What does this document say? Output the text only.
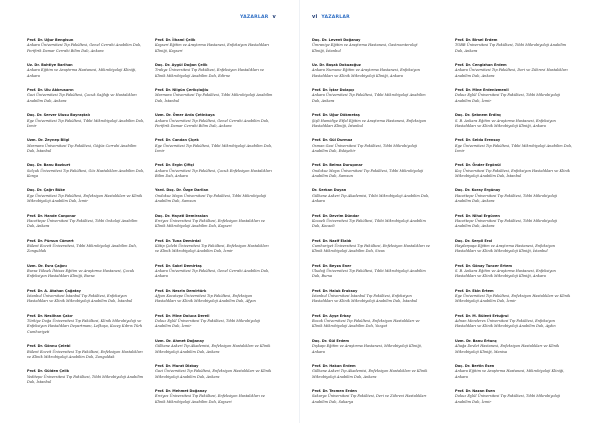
YAZARLAR v
Prof. Dr. Uğur Bengisun
Ankara Üniversitesi Tıp Fakültesi, Genel Cerrahi Anabilim Dalı, Perifirik Damar Cerrahi Bilim Dalı, Ankara
Uz. Dr. Bahtiye Barlhan
Ankara Eğitim ve Araştırma Hastanesi, Mikrobiyoloji Kliniği, Ankara
Prof. Dr. Ulu Akbrusarın
Gazi Üniversitesi Tıp Fakültesi, Çocuk Sağlığı ve Hastalıkları Anabilim Dalı, Ankara
Doç. Dr. Server Ulusu Bayraştalı
Ege Üniversitesi Tıp Fakültesi, Tıbbi Mikrobiyoloji Anabilim Dalı, İzmir
Uzm. Dr. Zeynep Bilgi
Marmara Üniversitesi Tıp Fakültesi, Göğüs Cerrahi Anabilim Dalı, İstanbul
Doç. Dr. Banu Bozkurt
Selçuk Üniversitesi Tıp Fakültesi, Göz Hastalıkları Anabilim Dalı, Konya
Doç. Dr. Çağrı Büke
Ege Üniversitesi Tıp Fakültesi, Enfeksiyon Hastalıkları ve Klinik Mikrobiyoloji Anabilim Dalı, İzmir
Prof. Dr. Hande Canpınar
Hacettepe Üniversitesi Tıp Fakültesi, Tıbbi Onkoloji Anabilim Dalı, Ankara
Prof. Dr. Pürsun Cömert
Bülent Ecevit Üniversitesi, Tıbbi Mikrobiyoloji Anabilim Dalı, Zonguldak
Uzm. Dr. Esra Çağını
Bursa Yüksek İhtisas Eğitim ve Araştırma Hastanesi, Çocuk Enfeksiyon Hastalıkları Kliniği, Bursa
Prof. Dr. A. Atahan Çağatay
İstanbul Üniversitesi İstanbul Tıp Fakültesi, Enfeksiyon Hastalıkları ve Klinik Mikrobiyoloji Anabilim Dalı, İstanbul
Prof. Dr. Neslihan Çakır
Türkiye Doğa Üniversitesi Tıp Fakültesi, Klinik Mikrobiyoloji ve Enfeksiyon Hastalıkları Departmanı, Lefkoşa, Kuzey Kıbrıs Türk Cumhuriyeti
Prof. Dr. Gönnu Çelebi
Bülent Ecevit Üniversitesi Tıp Fakültesi, Enfeksiyon Hastalıkları ve Klinik Mikrobiyoloji Anabilim Dalı, Zonguldak
Prof. Dr. Gülden Çelik
Yeditepe Üniversitesi Tıp Fakültesi, Tıbbi Mikrobiyoloji Anabilim Dalı, İstanbul
Prof. Dr. İlhami Çelik
Kayseri Eğitim ve Araştırma Hastanesi, Enfeksiyon Hastalıkları Kliniği, Kayseri
Doç. Dr. Aygül Doğan Çelik
Trakya Üniversitesi Tıp Fakültesi, Enfeksiyon Hastalıkları ve Klinik Mikrobiyoloji Anabilim Dalı, Edirne
Prof. Dr. Nilgün Çerikçioğlu
Marmara Üniversitesi Tıp Fakültesi, Tıbbi Mikrobiyoloji Anabilim Dalı, İstanbul
Uzm. Dr. Ömer Arda Çetinkaya
Ankara Üniversitesi Tıp Fakültesi, Genel Cerrahi Anabilim Dalı, Perifirik Damar Cerrahi Bilim Dalı, Ankara
Prof. Dr. Candan Çiçek
Ege Üniversitesi Tıp Fakültesi, Tıbbi Mikrobiyoloji Anabilim Dalı, İzmir
Prof. Dr. Ergin Çiftçi
Ankara Üniversitesi Tıp Fakültesi, Çocuk Enfeksiyon Hastalıkları Bilim Dalı, Ankara
Yard. Doç. Dr. Özge Darilan
Ondokuz Mayıs Üniversitesi Tıp Fakültesi, Tıbbi Mikrobiyoloji Anabilim Dalı, Samsun
Doç. Dr. Hayati Demiraslan
Erciyes Üniversitesi Tıp Fakültesi, Enfeksiyon Hastalıkları ve Klinik Mikrobiyoloji Anabilim Dalı, Kayseri
Prof. Dr. Tuna Demirdal
Kâtip Çelebi Üniversitesi Tıp Fakültesi, Enfeksiyon Hastalıkları ve Klinik Mikrobiyoloji Anabilim Dalı, İzmir
Prof. Dr. Sabri Demirtaş
Ankara Üniversitesi Tıp Fakültesi, Genel Cerrahi Anabilim Dalı, Ankara
Prof. Dr. Nesrin Demirtürk
Afyon Kocatepe Üniversitesi Tıp Fakültesi, Enfeksiyon Hastalıkları ve Klinik Mikrobiyoloji Anabilim Dalı, Afyon
Prof. Dr. Mine Doluca Dereli
Dokuz Eylül Üniversitesi Tıp Fakültesi, Tıbbi Mikrobiyoloji Anabilim Dalı, İzmir
Uzm. Dr. Ahmet Doğanay
Gülhane Askeri Tıp Akademisi, Enfeksiyon Hastalıkları ve Klinik Mikrobiyoloji Anabilim Dalı, Ankara
Prof. Dr. Murat Dizbay
Gazi Üniversitesi Tıp Fakültesi, Enfeksiyon Hastalıkları ve Klinik Mikrobiyoloji Anabilim Dalı, Ankara
Prof. Dr. Mehmet Doğanay
Erciyes Üniversitesi Tıp Fakültesi, Enfeksiyon Hastalıkları ve Klinik Mikrobiyoloji Anabilim Dalı, Kayseri
vi YAZARLAR
Doç. Dr. Levent Doğanay
Ümraniye Eğitim ve Araştırma Hastanesi, Gastroenteroloji Kliniği, İstanbul
Uz. Dr. Başak Dokuzoğuz
Ankara Numune Eğitim ve Araştırma Hastanesi, Enfeksiyon Hastalıkları ve Klinik Mikrobiyoloji Kliniği, Ankara
Prof. Dr. İştar Dolapçı
Ankara Üniversitesi Tıp Fakültesi, Tıbbi Mikrobiyoloji Anabilim Dalı, Ankara
Prof. Dr. Uğur Dökmetaş
Şişli Hamidiye Etfal Eğitim ve Araştırma Hastanesi, Enfeksiyon Hastalıkları Kliniği, İstanbul
Prof. Dr. Gül Durmaz
Osman Gazi Üniversitesi Tıp Fakültesi, Tıbbi Mikrobiyoloji Anabilim Dalı, Eskişehir
Prof. Dr. Belma Durupınar
Ondokuz Mayıs Üniversitesi Tıp Fakültesi, Tıbbi Mikrobiyoloji Anabilim Dalı, Samsun
Dr. Serkan Duyan
Gülhane Askeri Tıp Akademisi, Tıbbi Mikrobiyoloji Anabilim Dalı, Ankara
Prof. Dr. Devrim Dündar
Kocaeli Üniversitesi Tıp Fakültesi, Tıbbi Mikrobiyoloji Anabilim Dalı, Kocaeli
Prof. Dr. Nazif Elaldı
Cumhuriyet Üniversitesi Tıp Fakültesi, Enfeksiyon Hastalıkları ve Klinik Mikrobiyoloji Anabilim Dalı, Sivas
Prof. Dr. Beyza Ener
Uludağ Üniversitesi Tıp Fakültesi, Tıbbi Mikrobiyoloji Anabilim Dalı, Bursa
Prof. Dr. Haluk Eraksoy
İstanbul Üniversitesi İstanbul Tıp Fakültesi, Enfeksiyon Hastalıkları ve Klinik Mikrobiyoloji Anabilim Dalı, İstanbul
Prof. Dr. Ayşe Erbay
Bozok Üniversitesi Tıp Fakültesi, Enfeksiyon Hastalıkları ve Klinik Mikrobiyoloji Anabilim Dalı, Yozgat
Doç. Dr. Gül Erdem
Dışkapı Eğitim ve Araştırma Hastanesi, Mikrobiyoloji Kliniği, Ankara
Prof. Dr. Hakan Erdem
Gülhane Askeri Tıp Akademisi, Enfeksiyon Hastalıkları ve Klinik Mikrobiyoloji Anabilim Dalı, Ankara
Prof. Dr. Tecmen Erden
Sakarya Üniversitesi Tıp Fakültesi, Deri ve Zührevi Hastalıkları Anabilim Dalı, Sakarya
Prof. Dr. Birsel Erdem
TOBB Üniversitesi Tıp Fakültesi, Tıbbi Mikrobiyoloji Anabilim Dalı, Ankara
Prof. Dr. Cengizhan Erdem
Ankara Üniversitesi Tıp Fakültesi, Deri ve Zührevi Hastalıkları Anabilim Dalı, Ankara
Prof. Dr. Mine Erdenizmenli
Dokuz Eylül Üniversitesi Tıp Fakültesi, Tıbbi Mikrobiyoloji Anabilim Dalı, İzmir
Doç. Dr. Şebnem Erdinç
S. B. Ankara Eğitim ve Araştırma Hastanesi, Enfeksiyon Hastalıkları ve Klinik Mikrobiyoloji Kliniği, Ankara
Prof. Dr. Selda Erensoy
Ege Üniversitesi Tıp Fakültesi, Tıbbi Mikrobiyoloji Anabilim Dalı, İzmir
Prof. Dr. Önder Ergönül
Koç Üniversitesi Tıp Fakültesi, Enfeksiyon Hastalıkları ve Klinik Mikrobiyoloji Anabilim Dalı, İstanbul
Doç. Dr. Koray Ergünay
Hacettepe Üniversitesi Tıp Fakültesi, Tıbbi Mikrobiyoloji Anabilim Dalı, Ankara
Prof. Dr. Nihal Ergüven
Hacettepe Üniversitesi Tıp Fakültesi, Tıbbi Mikrobiyoloji Anabilim Dalı, Ankara
Doç. Dr. Serpil Erol
Haydarpaşa Eğitim ve Araştırma Hastanesi, Enfeksiyon Hastalıkları ve Klinik Mikrobiyoloji Kliniği, İstanbul
Prof. Dr. Gönay Tuncer Ertem
S. B. Ankara Eğitim ve Araştırma Hastanesi, Enfeksiyon Hastalıkları ve Klinik Mikrobiyoloji Kliniği, Ankara
Prof. Dr. Ekin Ertem
Ege Üniversitesi Tıp Fakültesi, Enfeksiyon Hastalıkları ve Klinik Mikrobiyoloji Anabilim Dalı, İzmir
Prof. Dr. M. Bülent Ertuğrul
Adnan Menderes Üniversitesi Tıp Fakültesi, Enfeksiyon Hastalıkları ve Klinik Mikrobiyoloji Anabilim Dalı, Aydın
Uzm. Dr. Banu Ertunç
Aliağa Devlet Hastanesi, Enfeksiyon Hastalıkları ve Klinik Mikrobiyoloji Kliniği, Manisa
Doç. Dr. Bertin Esen
Ankara Eğitim ve Araştırma Hastanesi, Mikrobiyoloji Kliniği, Ankara
Prof. Dr. Nazan Esen
Dokuz Eylül Üniversitesi Tıp Fakültesi, Tıbbi Mikrobiyoloji Anabilim Dalı, İzmir
